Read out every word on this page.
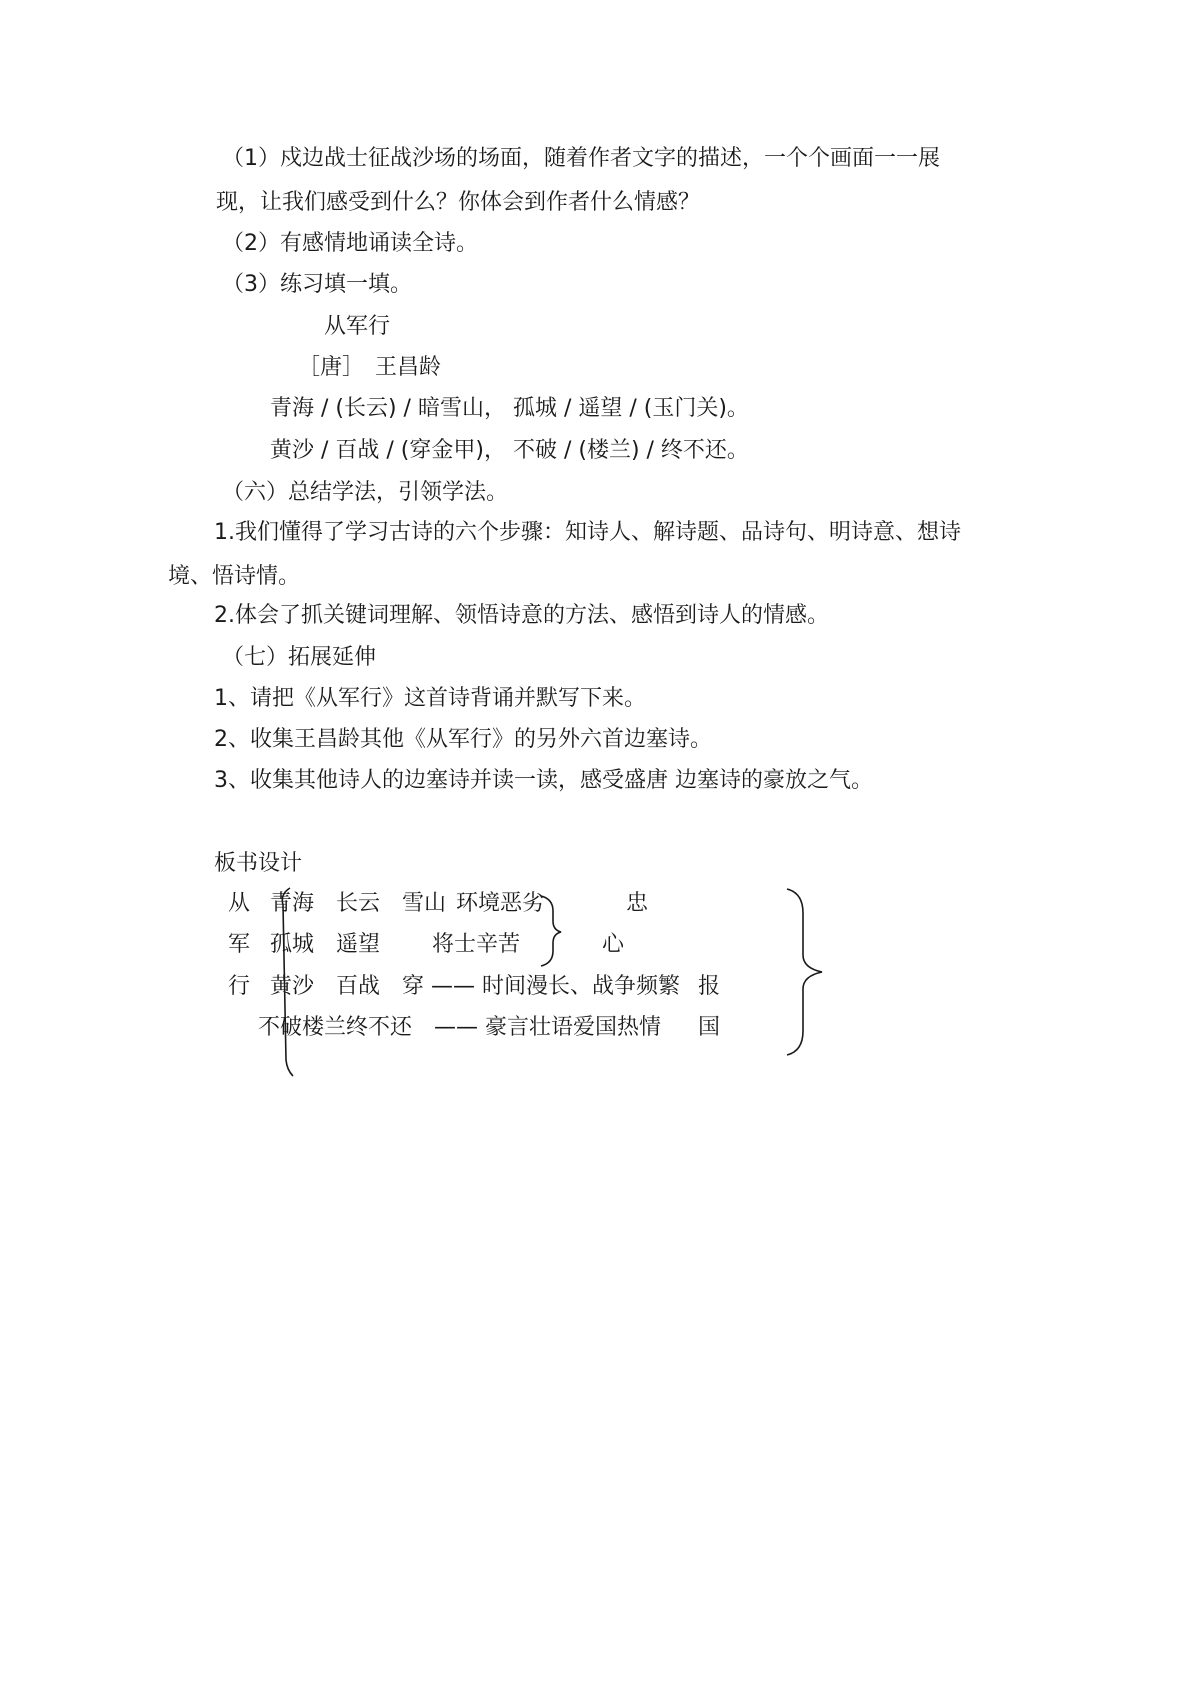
（1）戍边战士征战沙场的场面，随着作者文字的描述，一个个画面一一展
现，让我们感受到什么？你体会到作者什么情感？
（2）有感情地诵读全诗。
（3）练习填一填。
从军行
［唐］　王昌龄
青海 / (长云) / 暗雪山， 孤城 / 遥望 / (玉门关)。
黄沙 / 百战 / (穿金甲)， 不破 / (楼兰) / 终不还。
（六）总结学法，引领学法。
1.我们懂得了学习古诗的六个步骤：知诗人、解诗题、品诗句、明诗意、想诗
境、悟诗情。
2.体会了抓关键词理解、领悟诗意的方法、感悟到诗人的情感。
（七）拓展延伸
1、请把《从军行》这首诗背诵并默写下来。
2、收集王昌龄其他《从军行》的另外六首边塞诗。
3、收集其他诗人的边塞诗并读一读，感受盛唐 边塞诗的豪放之气。
板书设计
从
军
行
青海　长云　雪山 环境恶劣
孤城　遥望 将士辛苦
黄沙　百战　穿 —— 时间漫长、战争频繁
不破楼兰终不还　—— 豪言壮语爱国热情
忠
心
报
国
